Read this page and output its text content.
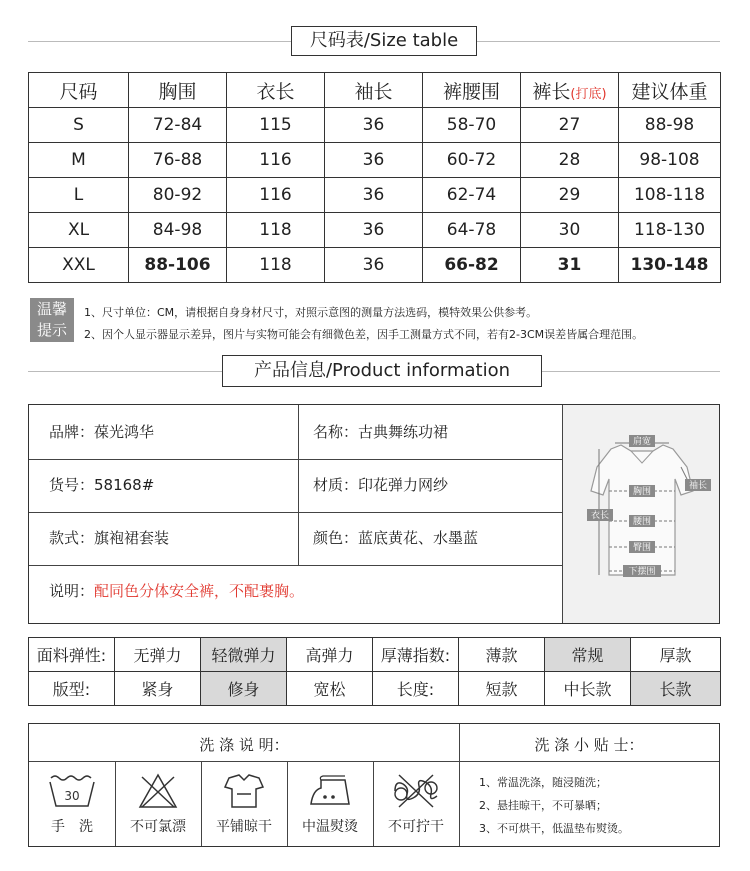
尺码表/Size table
尺码	胸围	衣长	袖长	裤腰围	裤长(打底)	建议体重
S	72-84	115	36	58-70	27	88-98
M	76-88	116	36	60-72	28	98-108
L	80-92	116	36	62-74	29	108-118
XL	84-98	118	36	64-78	30	118-130
XXL	88-106	118	36	66-82	31	130-148
温馨
提示
1、尺寸单位：CM，请根据自身身材尺寸，对照示意图的测量方法选码，模特效果公供参考。
2、因个人显示器显示差异，图片与实物可能会有细微色差，因手工测量方式不同，若有2-3CM误差皆属合理范围。
产品信息/Product information
品牌：葆光鸿华	名称：古典舞练功裙
货号：58168#	材质：印花弹力网纱
款式：旗袍裙套装	颜色：蓝底黄花、水墨蓝
说明：配同色分体安全裤，不配裹胸。
肩宽
胸围
袖长
衣长
腰围
臀围
下摆围
面料弹性:	无弹力	轻微弹力	高弹力	厚薄指数:	薄款	常规	厚款
版型:	紧身	修身	宽松	长度:	短款	中长款	长款
洗 涤 说 明：	洗 涤 小 贴 士：
30
手　洗	不可氯漂	平铺晾干	中温熨烫	不可拧干
1、常温洗涤，随浸随洗；
2、悬挂晾干，不可暴晒；
3、不可烘干，低温垫布熨烫。
